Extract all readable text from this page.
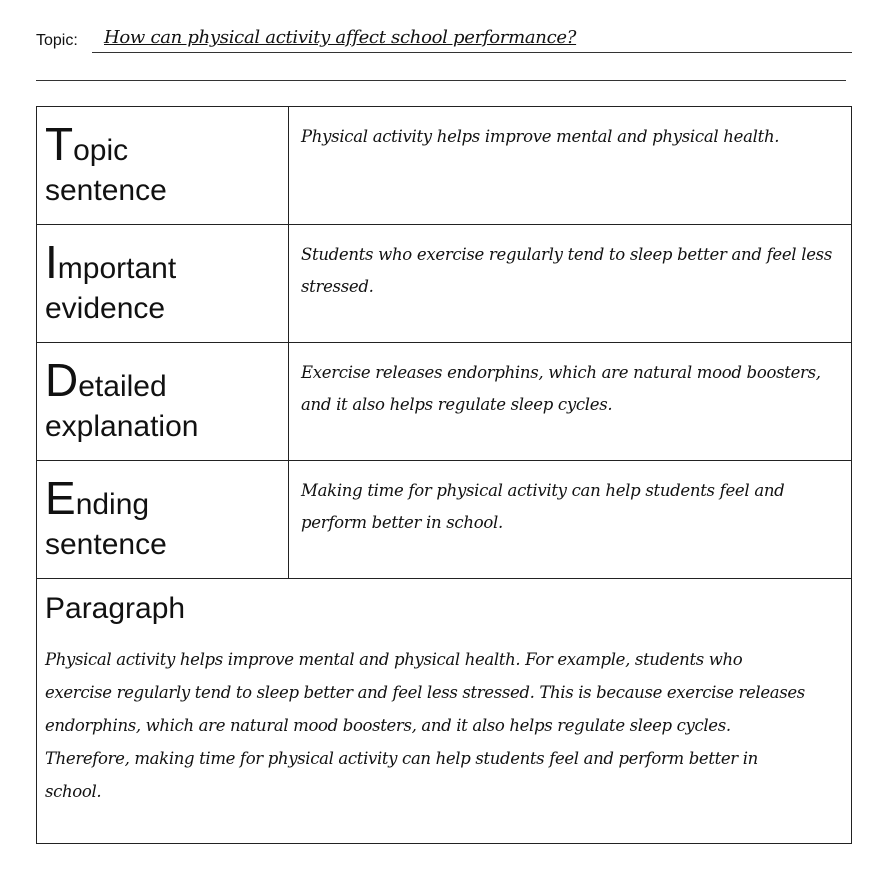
Topic: How can physical activity affect school performance?
Topic
sentence
Physical activity helps improve mental and physical health.
Important
evidence
Students who exercise regularly tend to sleep better and feel less stressed.
Detailed
explanation
Exercise releases endorphins, which are natural mood boosters, and it also helps regulate sleep cycles.
Ending
sentence
Making time for physical activity can help students feel and perform better in school.
Paragraph
Physical activity helps improve mental and physical health. For example, students who exercise regularly tend to sleep better and feel less stressed. This is because exercise releases endorphins, which are natural mood boosters, and it also helps regulate sleep cycles. Therefore, making time for physical activity can help students feel and perform better in school.
